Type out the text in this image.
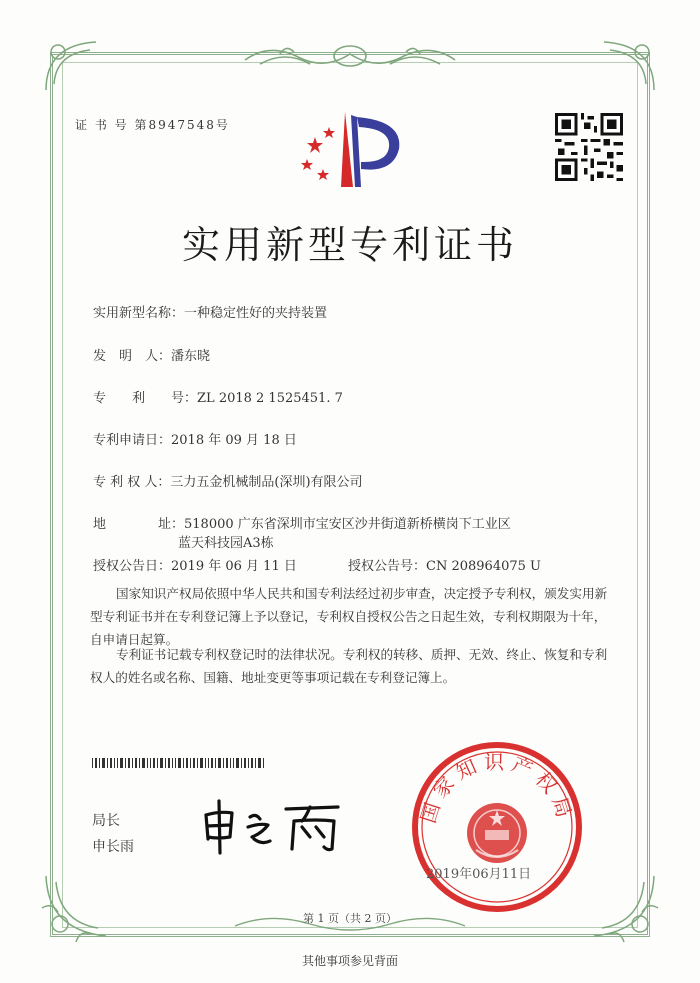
证 书 号 第8947548号
实用新型专利证书
实用新型名称：一种稳定性好的夹持装置
发　明　人：潘东晓
专　　利　　号：ZL 2018 2 1525451. 7
专利申请日：2018 年 09 月 18 日
专 利 权 人：三力五金机械制品(深圳)有限公司
地　　　　址：518000 广东省深圳市宝安区沙井街道新桥横岗下工业区
蓝天科技园A3栋
授权公告日：2019 年 06 月 11 日	授权公告号：CN 208964075 U
国家知识产权局依照中华人民共和国专利法经过初步审查，决定授予专利权，颁发实用新型专利证书并在专利登记簿上予以登记，专利权自授权公告之日起生效，专利权期限为十年，自申请日起算。
专利证书记载专利权登记时的法律状况。专利权的转移、质押、无效、终止、恢复和专利权人的姓名或名称、国籍、地址变更等事项记载在专利登记簿上。
局长
申长雨
国家知识产权局
2019年06月11日
第 1 页（共 2 页）
其他事项参见背面
